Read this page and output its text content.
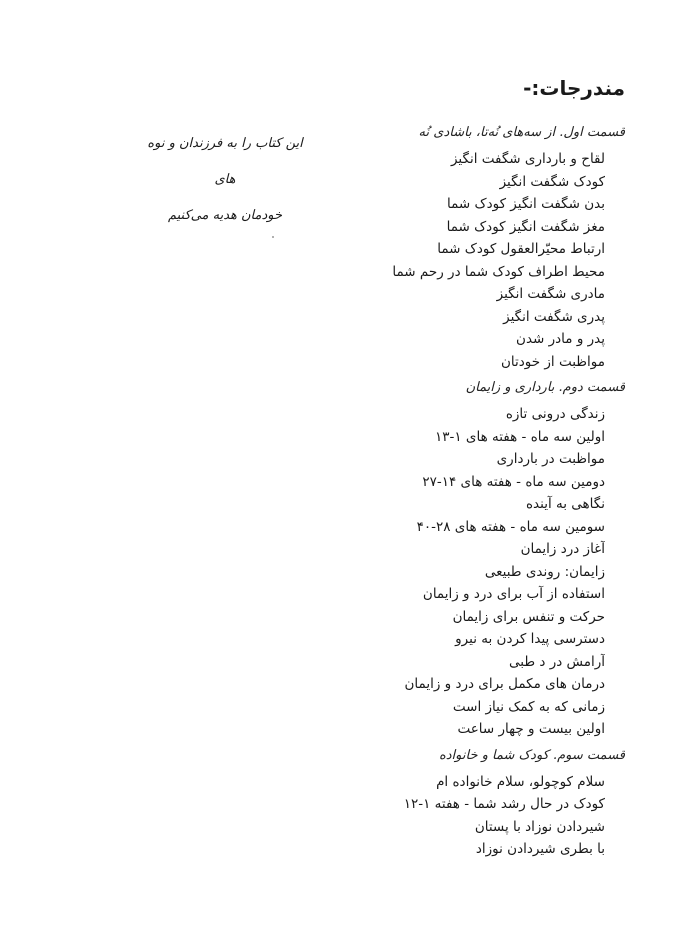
مندرجات:-
این کتاب را به فرزندان و نوه های
خودمان هدیه می‌کنیم
قسمت اول. از سه‌های نُه‌تا، با‌شادی نُه
لقاح و بارداری شگفت انگیز
کودک شگفت انگیز
بدن شگفت انگیز کودک شما
مغز شگفت انگیز کودک شما
ارتباط محیّرالعقول کودک شما
محیط اطراف کودک شما در رحم شما
مادری شگفت انگیز
پدری شگفت انگیز
پدر و مادر شدن
مواظبت از خودتان
قسمت دوم. بارداری و زایمان
زندگی درونی تازه
اولین سه ماه - هفته های ۱-۱۳
مواظبت در بارداری
دومین سه ماه - هفته های ۱۴-۲۷
نگاهی به آینده
سومین سه ماه - هفته های ۲۸-۴۰
آغاز درد زایمان
زایمان: روندی طبیعی
استفاده از آب برای درد و زایمان
حرکت و تنفس برای زایمان
دسترسی پیدا کردن به نیرو
آرامش در د طبی
درمان های مکمل برای درد و زایمان
زمانی که به کمک نیاز است
اولین بیست و چهار ساعت
قسمت سوم. کودک شما و خانواده
سلام کوچولو، سلام خانواده ام
کودک در حال رشد شما - هفته ۱-۱۲
شیردادن نوزاد با پستان
با بطری شیردادن نوزاد
